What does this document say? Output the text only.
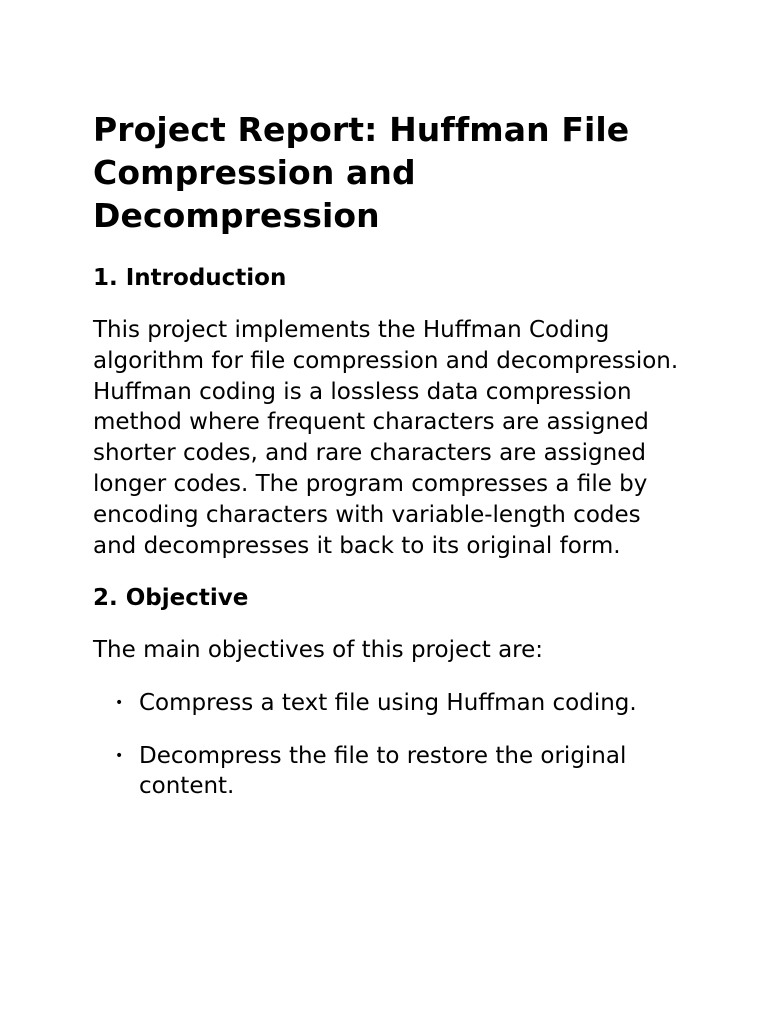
Project Report: Huffman File Compression and Decompression
1. Introduction

This project implements the Huffman Coding algorithm for file compression and decompression. Huffman coding is a lossless data compression method where frequent characters are assigned shorter codes, and rare characters are assigned longer codes. The program compresses a file by encoding characters with variable-length codes and decompresses it back to its original form.

2. Objective

The main objectives of this project are:

• Compress a text file using Huffman coding.
• Decompress the file to restore the original content.
